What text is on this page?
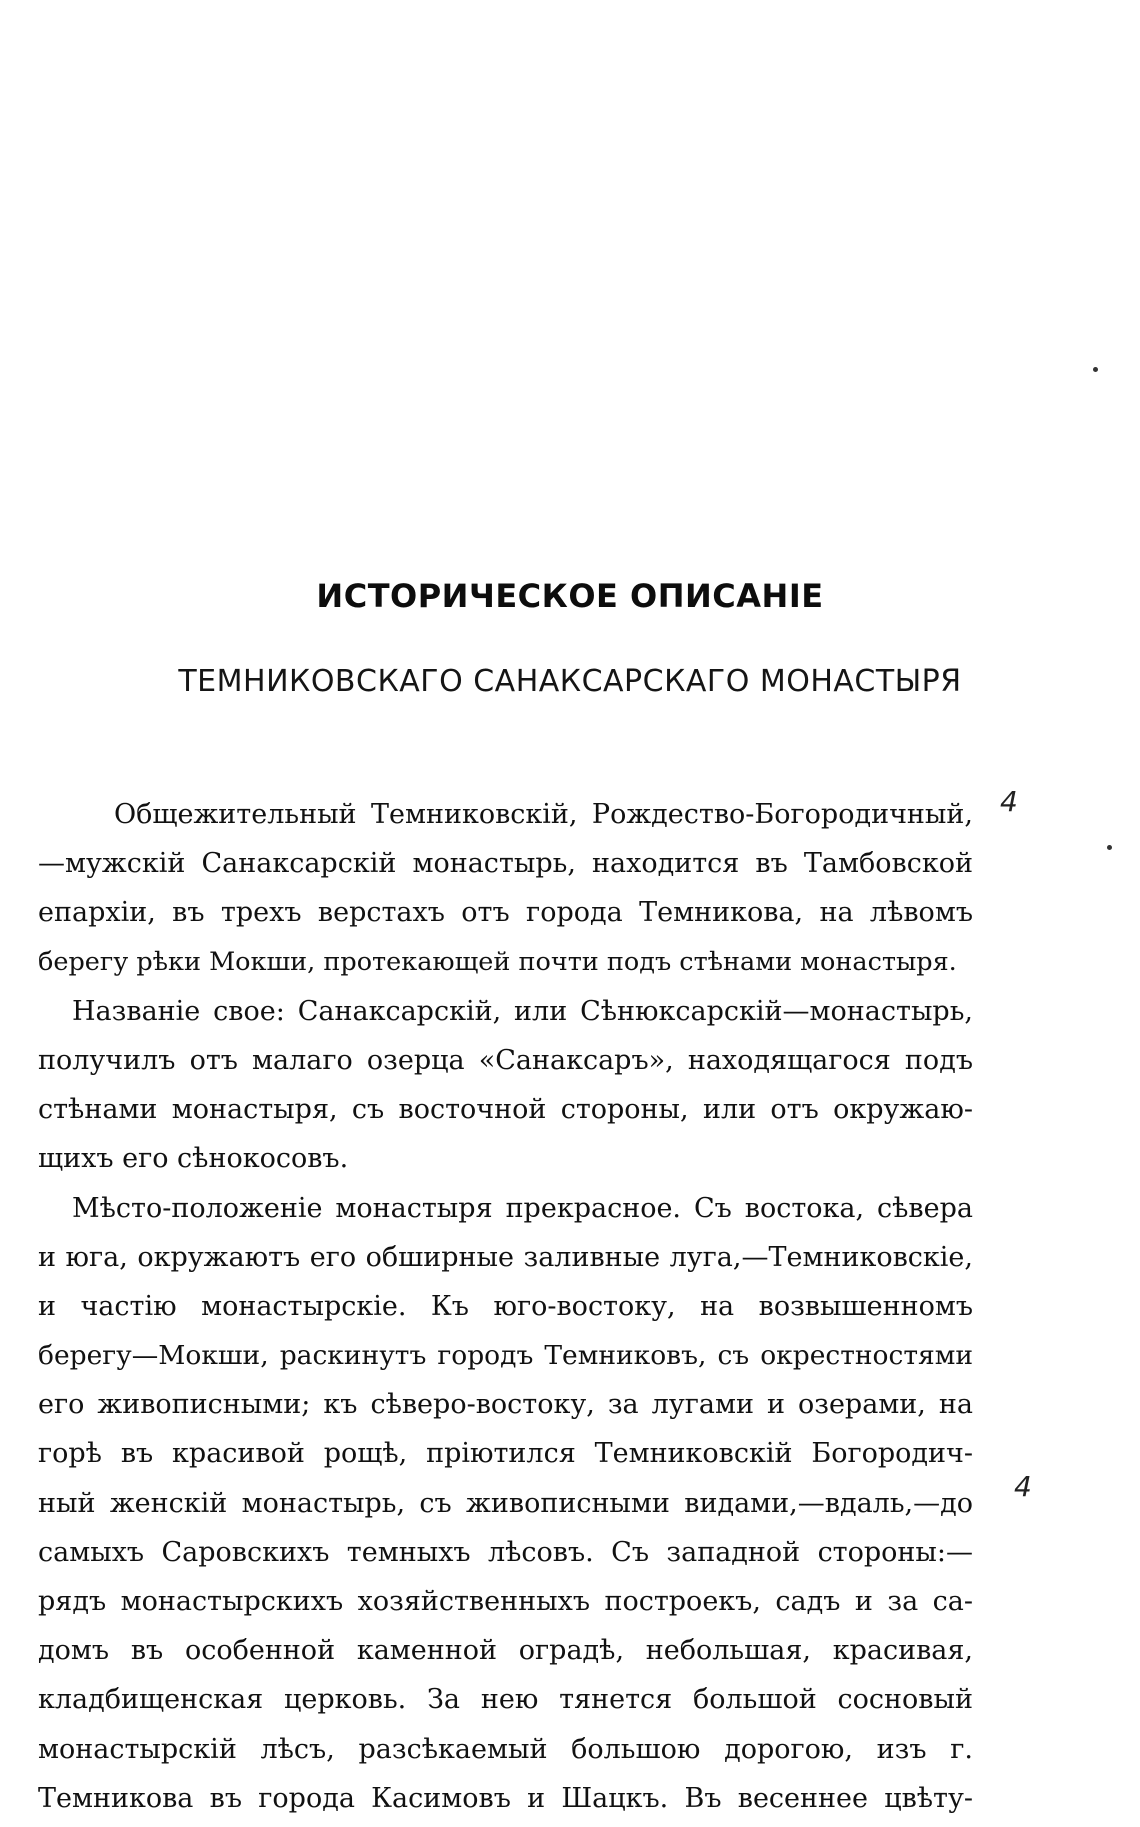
ИСТОРИЧЕСКОЕ ОПИСАНІЕ
ТЕМНИКОВСКАГО САНАКСАРСКАГО МОНАСТЫРЯ
4
4
Общежительный Темниковскій, Рождество-Богородичный,
—мужскій Санаксарскій монастырь, находится въ Тамбовской
епархіи, въ трехъ верстахъ отъ города Темникова, на лѣвомъ
берегу рѣки Мокши, протекающей почти подъ стѣнами монастыря.
Названіе свое: Санаксарскій, или Сѣнюксарскій—монастырь,
получилъ отъ малаго озерца «Санаксаръ», находящагося подъ
стѣнами монастыря, съ восточной стороны, или отъ окружаю-
щихъ его сѣнокосовъ.
Мѣсто-положеніе монастыря прекрасное. Съ востока, сѣвера
и юга, окружаютъ его обширные заливные луга,—Темниковскіе,
и частію монастырскіе. Къ юго-востоку, на возвышенномъ
берегу—Мокши, раскинутъ городъ Темниковъ, съ окрестностями
его живописными; къ сѣверо-востоку, за лугами и озерами, на
горѣ въ красивой рощѣ, пріютился Темниковскій Богородич-
ный женскій монастырь, съ живописными видами,—вдаль,—до
самыхъ Саровскихъ темныхъ лѣсовъ. Съ западной стороны:—
рядъ монастырскихъ хозяйственныхъ построекъ, садъ и за са-
домъ въ особенной каменной оградѣ, небольшая, красивая,
кладбищенская церковь. За нею тянется большой сосновый
монастырскій лѣсъ, разсѣкаемый большою дорогою, изъ г.
Темникова въ города Касимовъ и Шацкъ. Въ весеннее цвѣту-
